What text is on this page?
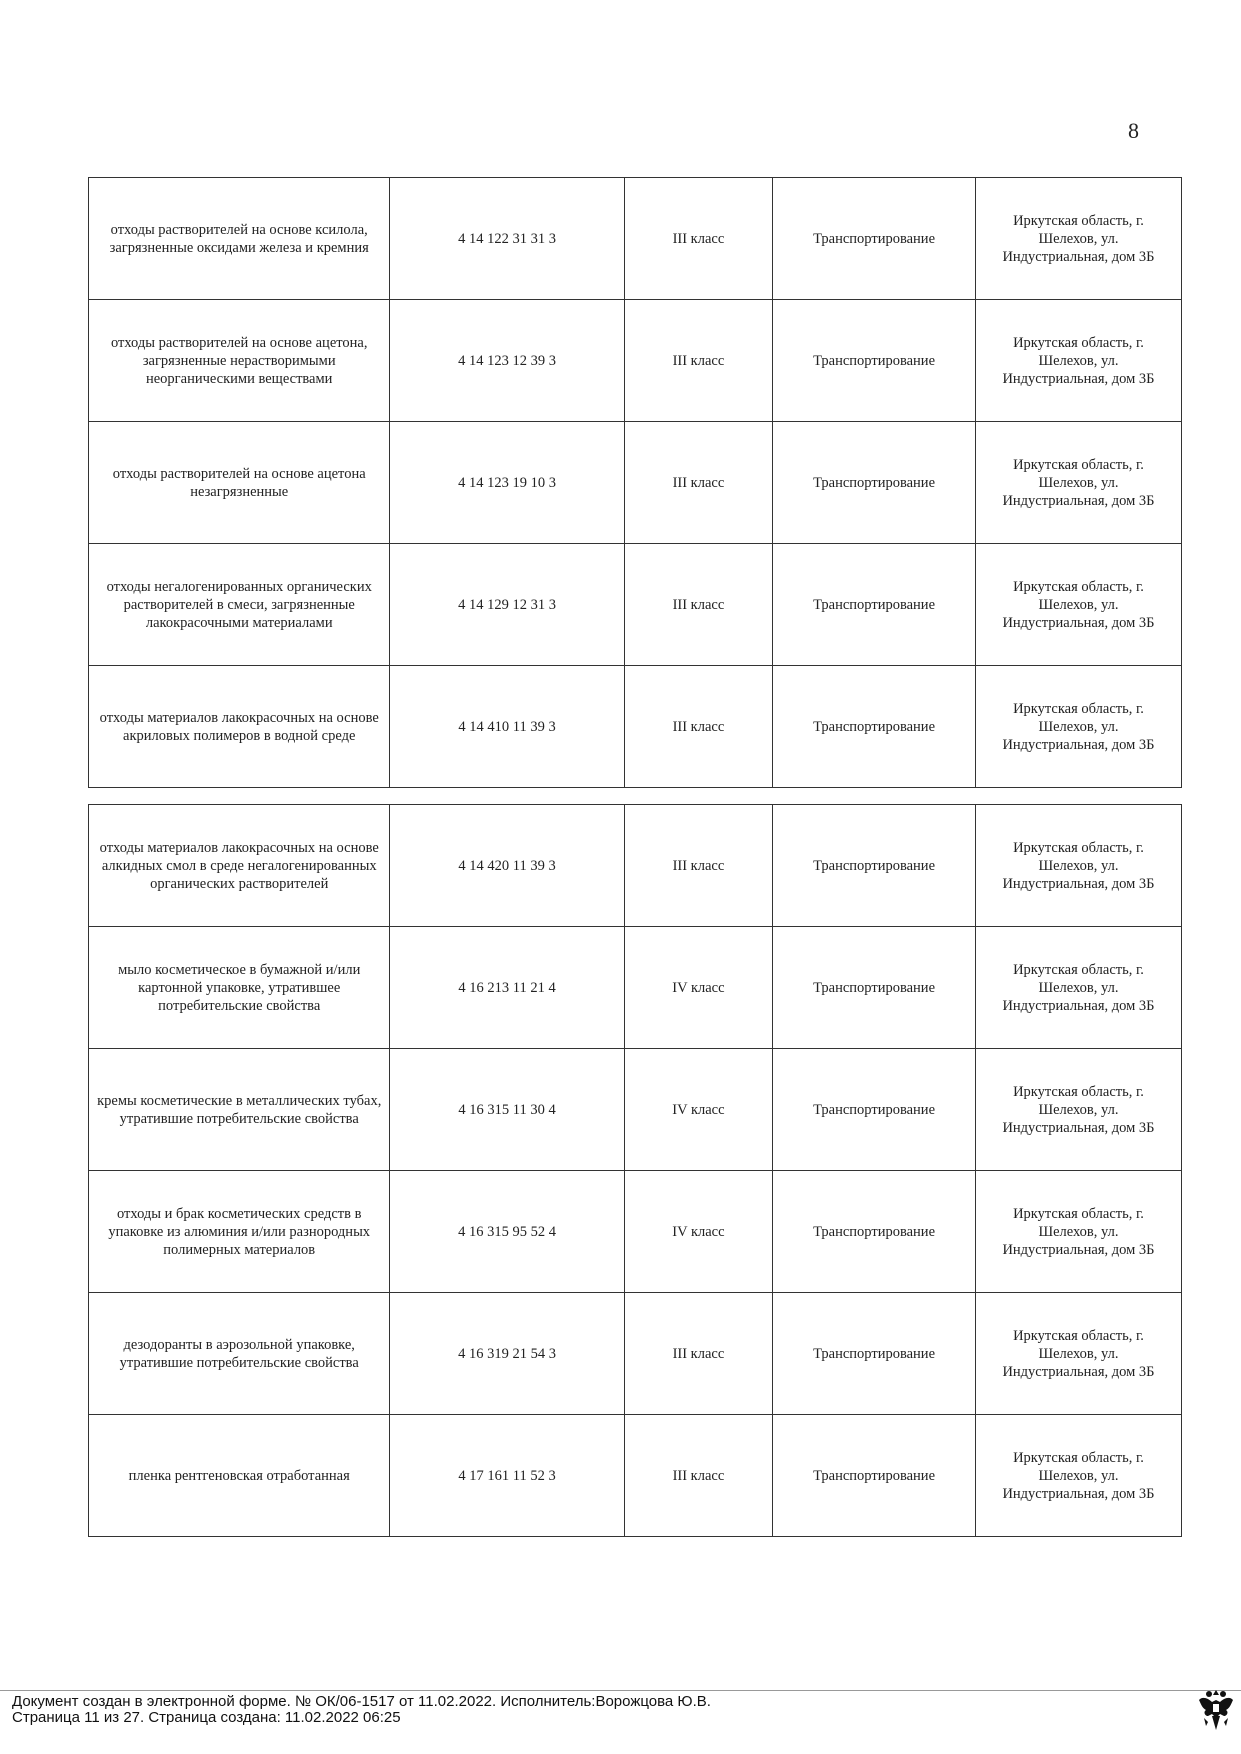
8
отходы растворителей на основе ксилола, загрязненные оксидами железа и кремния	4 14 122 31 31 3	III класс	Транспортирование	Иркутская область, г. Шелехов, ул. Индустриальная, дом 3Б
отходы растворителей на основе ацетона, загрязненные нерастворимыми неорганическими веществами	4 14 123 12 39 3	III класс	Транспортирование	Иркутская область, г. Шелехов, ул. Индустриальная, дом 3Б
отходы растворителей на основе ацетона незагрязненные	4 14 123 19 10 3	III класс	Транспортирование	Иркутская область, г. Шелехов, ул. Индустриальная, дом 3Б
отходы негалогенированных органических растворителей в смеси, загрязненные лакокрасочными материалами	4 14 129 12 31 3	III класс	Транспортирование	Иркутская область, г. Шелехов, ул. Индустриальная, дом 3Б
отходы материалов лакокрасочных на основе акриловых полимеров в водной среде	4 14 410 11 39 3	III класс	Транспортирование	Иркутская область, г. Шелехов, ул. Индустриальная, дом 3Б
отходы материалов лакокрасочных на основе алкидных смол в среде негалогенированных органических растворителей	4 14 420 11 39 3	III класс	Транспортирование	Иркутская область, г. Шелехов, ул. Индустриальная, дом 3Б
мыло косметическое в бумажной и/или картонной упаковке, утратившее потребительские свойства	4 16 213 11 21 4	IV класс	Транспортирование	Иркутская область, г. Шелехов, ул. Индустриальная, дом 3Б
кремы косметические в металлических тубах, утратившие потребительские свойства	4 16 315 11 30 4	IV класс	Транспортирование	Иркутская область, г. Шелехов, ул. Индустриальная, дом 3Б
отходы и брак косметических средств в упаковке из алюминия и/или разнородных полимерных материалов	4 16 315 95 52 4	IV класс	Транспортирование	Иркутская область, г. Шелехов, ул. Индустриальная, дом 3Б
дезодоранты в аэрозольной упаковке, утратившие потребительские свойства	4 16 319 21 54 3	III класс	Транспортирование	Иркутская область, г. Шелехов, ул. Индустриальная, дом 3Б
пленка рентгеновская отработанная	4 17 161 11 52 3	III класс	Транспортирование	Иркутская область, г. Шелехов, ул. Индустриальная, дом 3Б
Документ создан в электронной форме. № ОК/06-1517 от 11.02.2022. Исполнитель:Ворожцова Ю.В.
Страница 11 из 27. Страница создана: 11.02.2022 06:25
